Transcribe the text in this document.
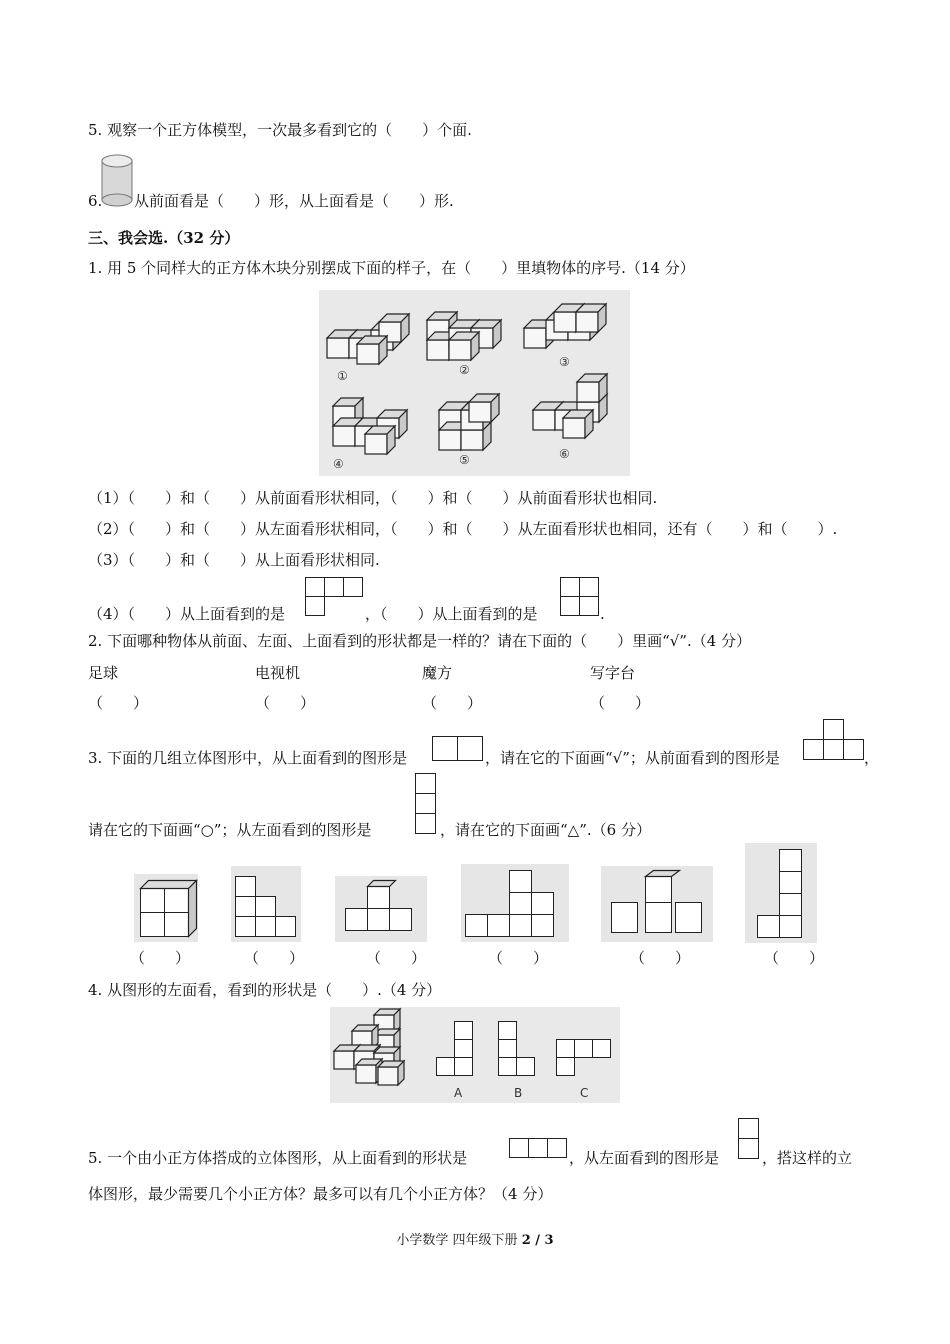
5. 观察一个正方体模型，一次最多看到它的（　　）个面.
6. 从前面看是（　　）形，从上面看是（　　）形.
三、我会选.（32 分）
1. 用 5 个同样大的正方体木块分别摆成下面的样子，在（　　）里填物体的序号.（14 分）
①	②
③
④	⑤	⑥
（1）（　　）和（　　）从前面看形状相同，（　　）和（　　）从前面看形状也相同.
（2）（　　）和（　　）从左面看形状相同，（　　）和（　　）从左面看形状也相同，还有（　　）和（　　）.
（3）（　　）和（　　）从上面看形状相同.
（4）（　　）从上面看到的是	，（　　）从上面看到的是	.
2. 下面哪种物体从前面、左面、上面看到的形状都是一样的？请在下面的（　　）里画“√”.（4 分）
足球	电视机	魔方	写字台
（　　）	（　　）	（　　）	（　　）
3. 下面的几组立体图形中，从上面看到的图形是	，请在它的下面画“√”；从前面看到的图形是	，
请在它的下面画“○”；从左面看到的图形是	，请在它的下面画“△”.（6 分）
（　　）	（　　）	（　　）	（　　）	（　　）	（　　）
4. 从图形的左面看，看到的形状是（　　）.（4 分）
A	B	C
5. 一个由小正方体搭成的立体图形，从上面看到的形状是	，从左面看到的图形是	，搭这样的立
体图形，最少需要几个小正方体？最多可以有几个小正方体？（4 分）
小学数学 四年级下册 2 / 3
